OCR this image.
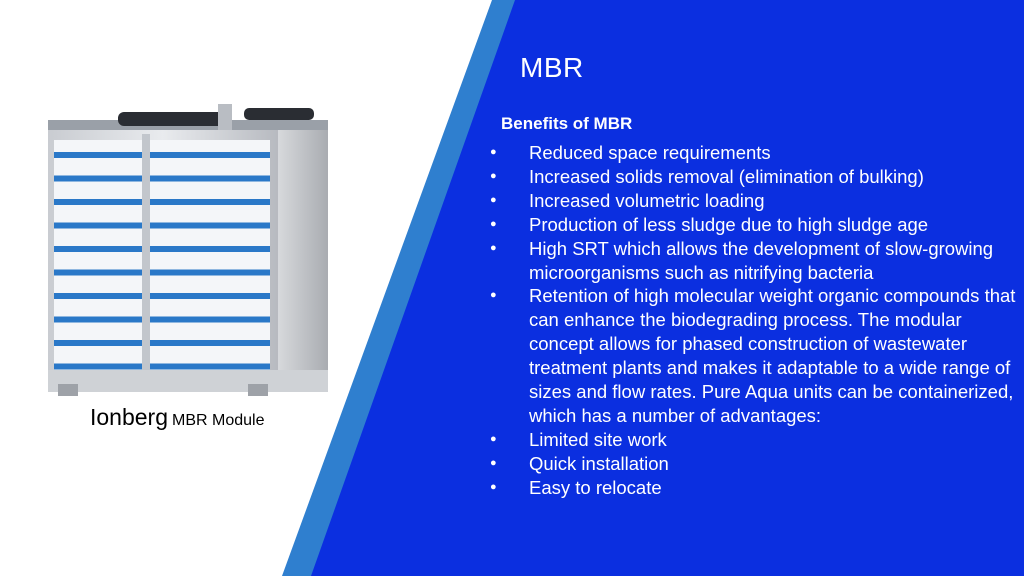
Ionberg MBR Module
MBR
Benefits of MBR
● Reduced space requirements
● Increased solids removal (elimination of bulking)
● Increased volumetric loading
● Production of less sludge due to high sludge age
● High SRT which allows the development of slow-growing microorganisms such as nitrifying bacteria
● Retention of high molecular weight organic compounds that can enhance the biodegrading process. The modular concept allows for phased construction of wastewater treatment plants and makes it adaptable to a wide range of sizes and flow rates. Pure Aqua units can be containerized, which has a number of advantages:
● Limited site work
● Quick installation
● Easy to relocate
